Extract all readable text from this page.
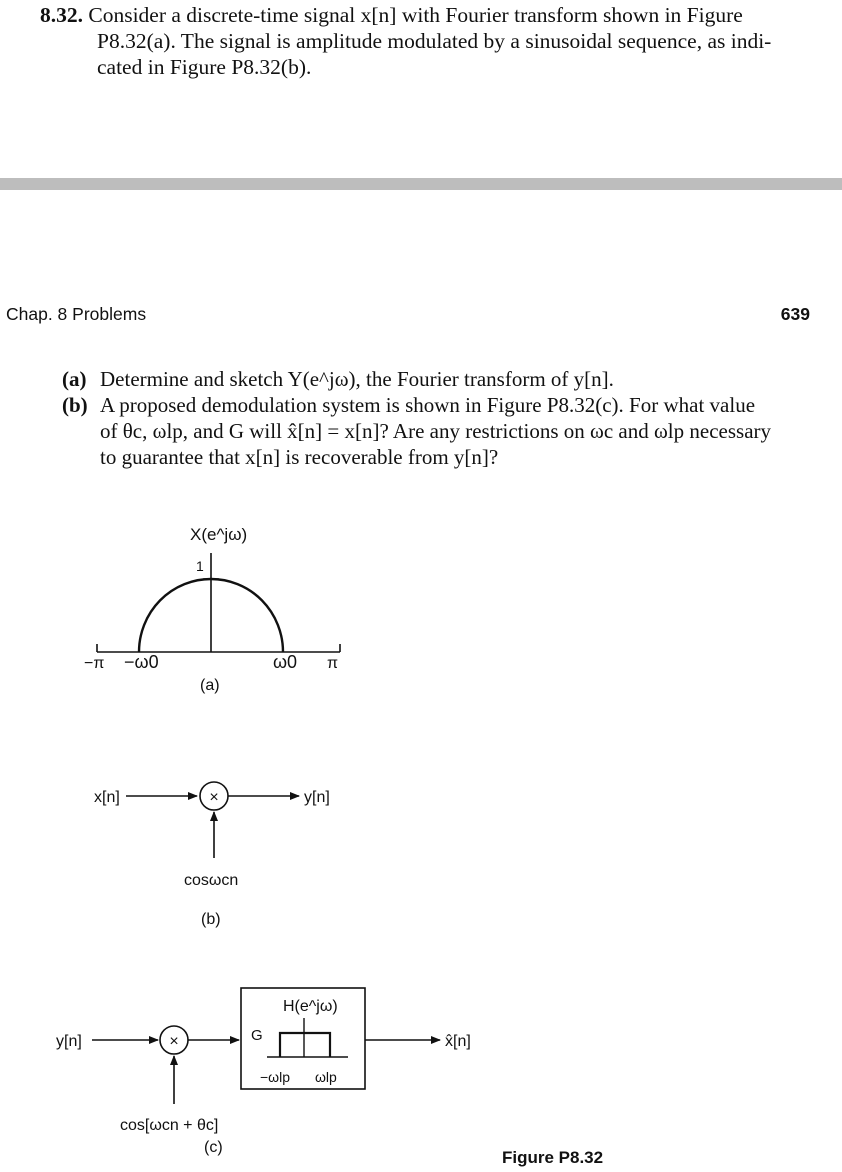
8.32. Consider a discrete-time signal x[n] with Fourier transform shown in Figure
P8.32(a). The signal is amplitude modulated by a sinusoidal sequence, as indi-
cated in Figure P8.32(b).
Chap. 8 Problems	639
(a) Determine and sketch Y(e^jω), the Fourier transform of y[n].
(b) A proposed demodulation system is shown in Figure P8.32(c). For what value
of θc, ωlp, and G will x̂[n] = x[n]? Are any restrictions on ωc and ωlp necessary
to guarantee that x[n] is recoverable from y[n]?
X(e^jω)
1
−π −ω0	ω0 π
(a)
x[n]	×	y[n]
cosωcn
(b)
y[n]	×
cos[ωcn + θc]
(c)
H(e^jω)
G
−ωlp ωlp
x̂[n]
Figure P8.32
